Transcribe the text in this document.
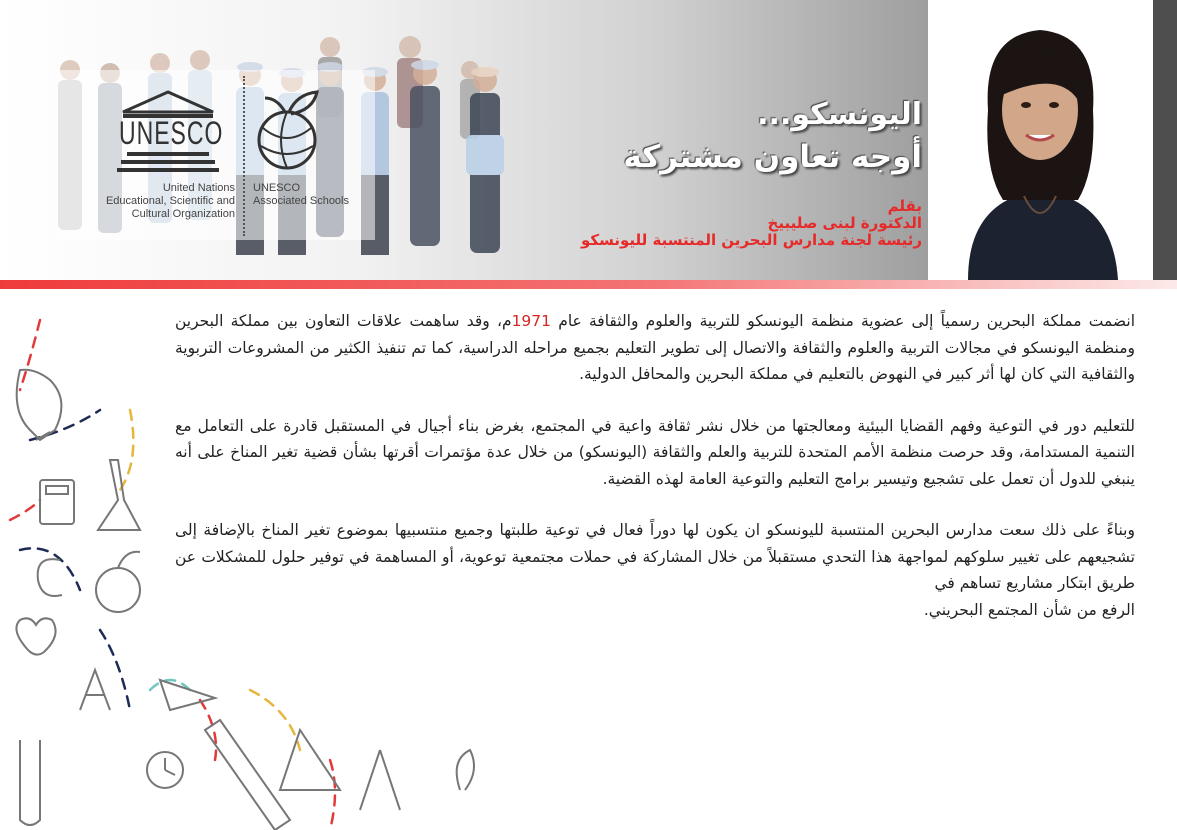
UNESCO
United Nations
Educational, Scientific and
Cultural Organization
UNESCO
Associated Schools
اليونسكو...
أوجه تعاون مشتركة
بقلم
الدكتورة لبنى صليبيخ
رئيسة لجنة مدارس البحرين المنتسبة لليونسكو

انضمت مملكة البحرين رسمياً إلى عضوية منظمة اليونسكو للتربية والعلوم والثقافة عام 1971م، وقد ساهمت علاقات التعاون بين مملكة البحرين ومنظمة اليونسكو في مجالات التربية والعلوم والثقافة والاتصال إلى تطوير التعليم بجميع مراحله الدراسية، كما تم تنفيذ الكثير من المشروعات التربوية والثقافية التي كان لها أثر كبير في النهوض بالتعليم في مملكة البحرين والمحافل الدولية.

للتعليم دور في التوعية وفهم القضايا البيئية ومعالجتها من خلال نشر ثقافة واعية في المجتمع، بغرض بناء أجيال في المستقبل قادرة على التعامل مع التنمية المستدامة، وقد حرصت منظمة الأمم المتحدة للتربية والعلم والثقافة (اليونسكو) من خلال عدة مؤتمرات أقرتها بشأن قضية تغير المناخ على أنه ينبغي للدول أن تعمل على تشجيع وتيسير برامج التعليم والتوعية العامة لهذه القضية.

وبناءً على ذلك سعت مدارس البحرين المنتسبة لليونسكو ان يكون لها دوراً فعال في توعية طلبتها وجميع منتسبيها بموضوع تغير المناخ بالإضافة إلى تشجيعهم على تغيير سلوكهم لمواجهة هذا التحدي مستقبلاً من خلال المشاركة في حملات مجتمعية توعوية، أو المساهمة في توفير حلول للمشكلات عن طريق ابتكار مشاريع تساهم في
الرفع من شأن المجتمع البحريني.
